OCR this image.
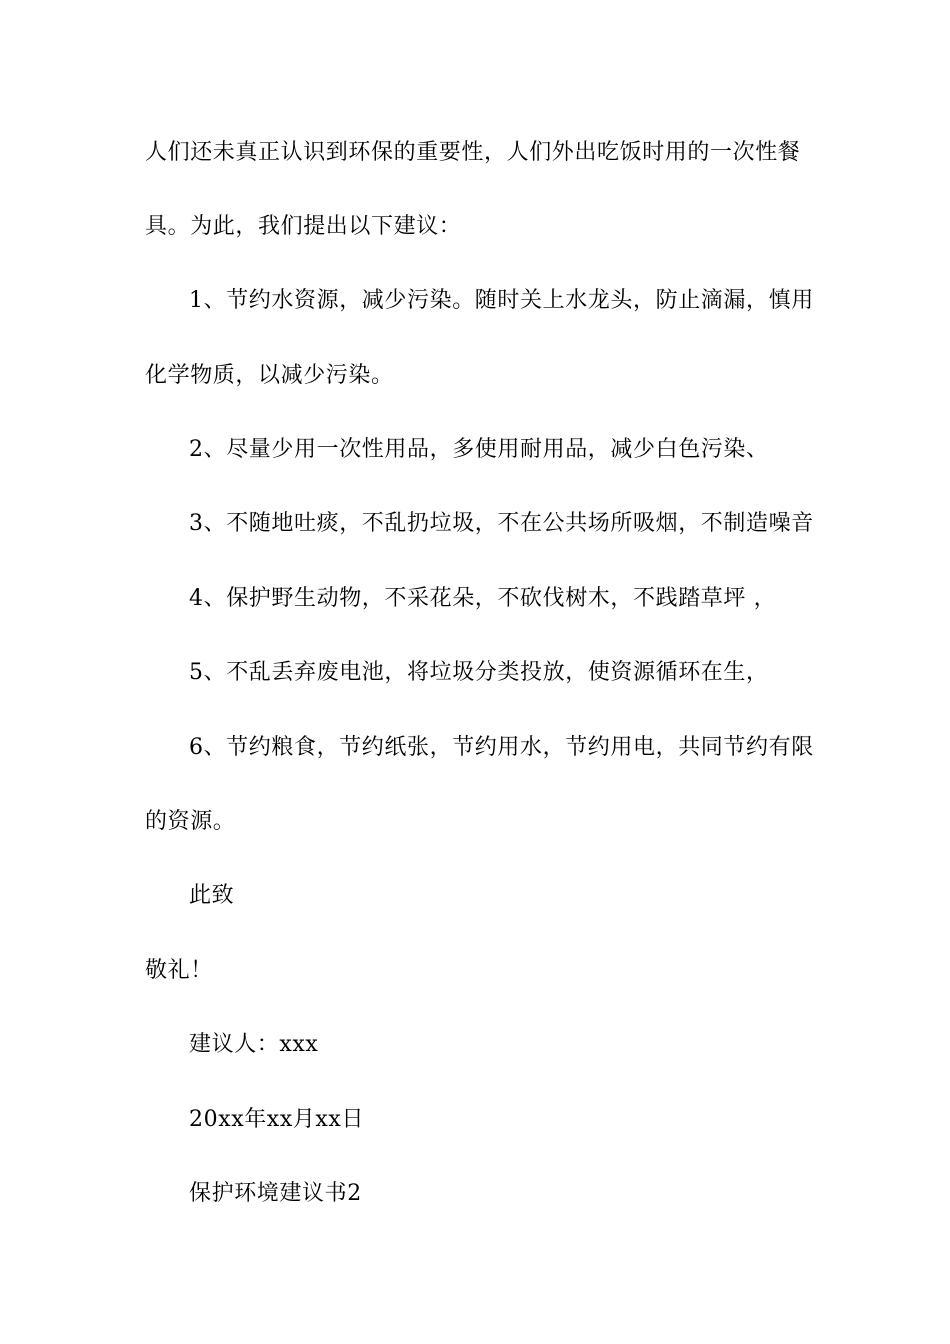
人们还未真正认识到环保的重要性，人们外出吃饭时用的一次性餐
具。为此，我们提出以下建议：
1、节约水资源，减少污染。随时关上水龙头，防止滴漏，慎用
化学物质，以减少污染。
2、尽量少用一次性用品，多使用耐用品，减少白色污染、
3、不随地吐痰，不乱扔垃圾，不在公共场所吸烟，不制造噪音
4、保护野生动物，不采花朵，不砍伐树木，不践踏草坪 ，
5、不乱丢弃废电池，将垃圾分类投放，使资源循环在生，
6、节约粮食，节约纸张，节约用水，节约用电，共同节约有限
的资源。
此致
敬礼！
建议人：xxx
20xx年xx月xx日
保护环境建议书2
